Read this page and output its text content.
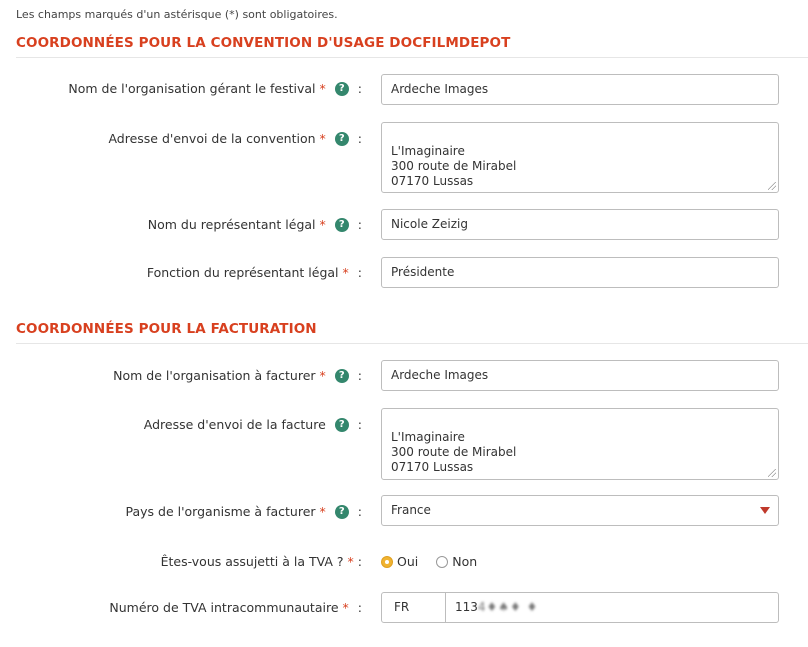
Les champs marqués d'un astérisque (*) sont obligatoires.
COORDONNÉES POUR LA CONVENTION D'USAGE DOCFILMDEPOT
Nom de l'organisation gérant le festival *	?	:	Ardeche Images
Adresse d'envoi de la convention *	?	:

L'Imaginaire
300 route de Mirabel
07170 Lussas

Nom du représentant légal *	?	:	Nicole Zeizig
Fonction du représentant légal * :	Présidente
COORDONNÉES POUR LA FACTURATION
Nom de l'organisation à facturer *	?	:	Ardeche Images
Adresse d'envoi de la facture	?	:

L'Imaginaire
300 route de Mirabel
07170 Lussas

Pays de l'organisme à facturer *	?	:	France
Êtes-vous assujetti à la TVA ? * :	Oui	Non
Numéro de TVA intracommunautaire * :	FR	1134♦♠♦ ♦
